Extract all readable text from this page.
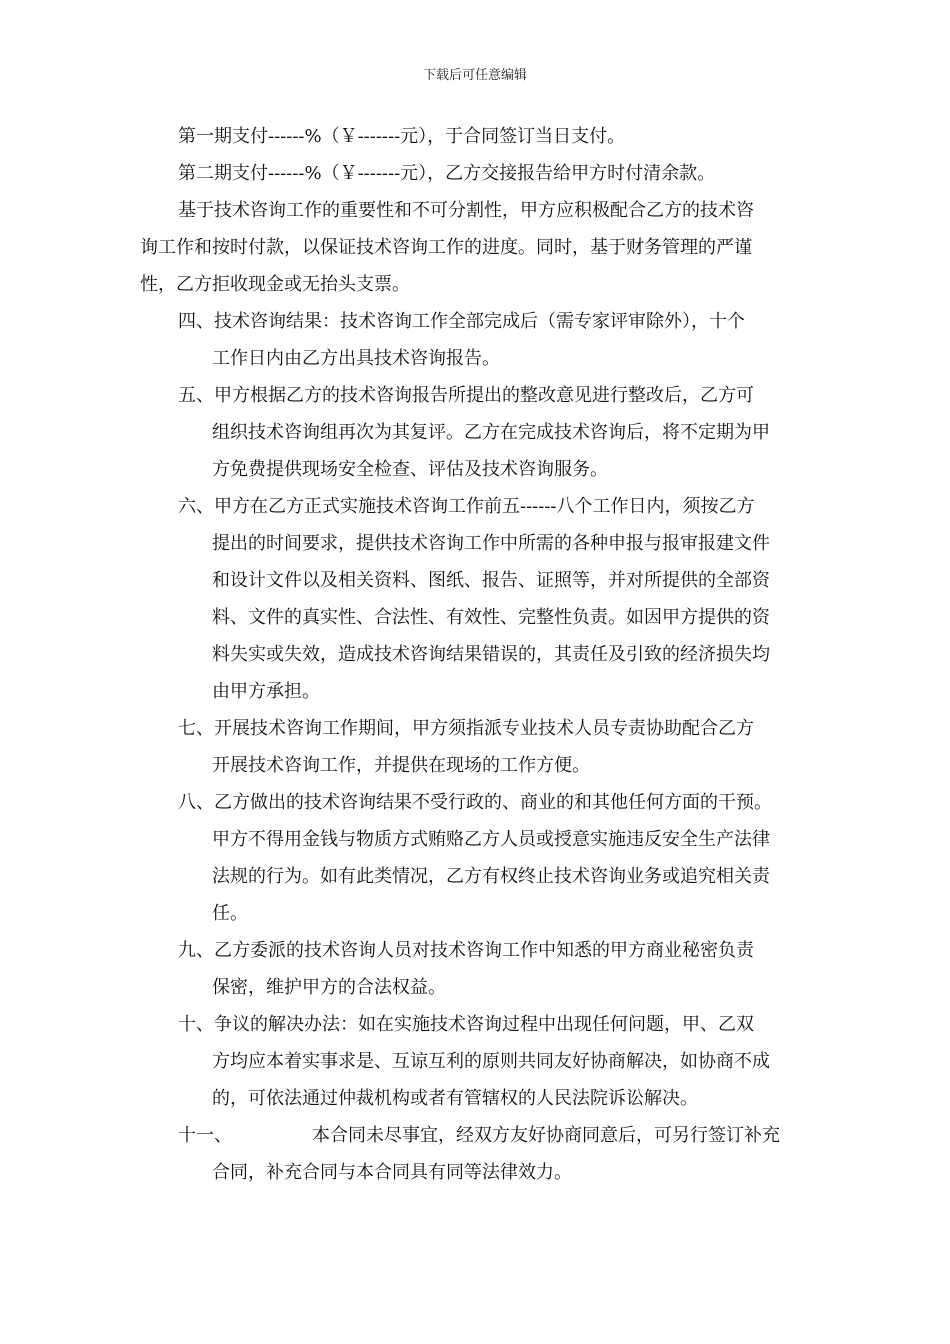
下载后可任意编辑
第一期支付------%（￥-------元），于合同签订当日支付。
第二期支付------%（￥-------元），乙方交接报告给甲方时付清余款。
基于技术咨询工作的重要性和不可分割性，甲方应积极配合乙方的技术咨
询工作和按时付款，以保证技术咨询工作的进度。同时，基于财务管理的严谨
性，乙方拒收现金或无抬头支票。
四、技术咨询结果：技术咨询工作全部完成后（需专家评审除外），十个
工作日内由乙方出具技术咨询报告。
五、甲方根据乙方的技术咨询报告所提出的整改意见进行整改后，乙方可
组织技术咨询组再次为其复评。乙方在完成技术咨询后，将不定期为甲
方免费提供现场安全检查、评估及技术咨询服务。
六、甲方在乙方正式实施技术咨询工作前五------八个工作日内，须按乙方
提出的时间要求，提供技术咨询工作中所需的各种申报与报审报建文件
和设计文件以及相关资料、图纸、报告、证照等，并对所提供的全部资
料、文件的真实性、合法性、有效性、完整性负责。如因甲方提供的资
料失实或失效，造成技术咨询结果错误的，其责任及引致的经济损失均
由甲方承担。
七、开展技术咨询工作期间，甲方须指派专业技术人员专责协助配合乙方
开展技术咨询工作，并提供在现场的工作方便。
八、乙方做出的技术咨询结果不受行政的、商业的和其他任何方面的干预。
甲方不得用金钱与物质方式贿赂乙方人员或授意实施违反安全生产法律
法规的行为。如有此类情况，乙方有权终止技术咨询业务或追究相关责
任。
九、乙方委派的技术咨询人员对技术咨询工作中知悉的甲方商业秘密负责
保密，维护甲方的合法权益。
十、争议的解决办法：如在实施技术咨询过程中出现任何问题，甲、乙双
方均应本着实事求是、互谅互利的原则共同友好协商解决，如协商不成
的，可依法通过仲裁机构或者有管辖权的人民法院诉讼解决。
十一、	本合同未尽事宜，经双方友好协商同意后，可另行签订补充
合同，补充合同与本合同具有同等法律效力。
